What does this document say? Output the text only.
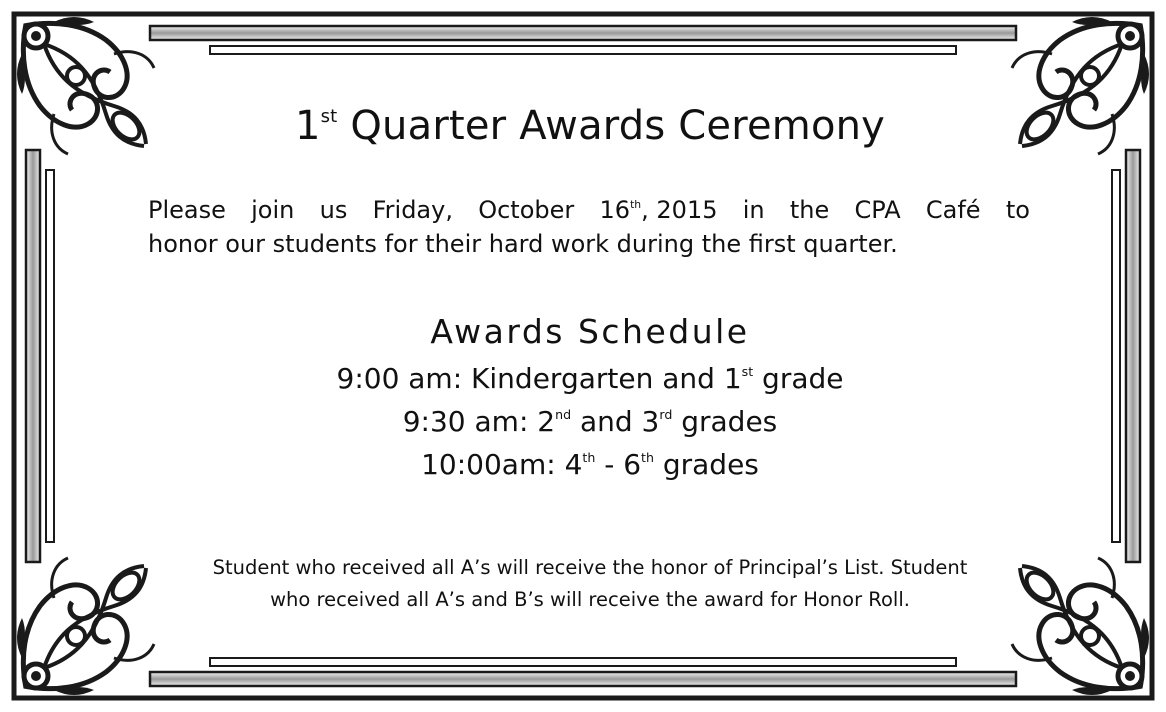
1st Quarter Awards Ceremony
Please join us Friday, October 16th, 2015 in the CPA Café to
honor our students for their hard work during the first quarter.
Awards Schedule

9:00 am: Kindergarten and 1st grade

9:30 am: 2nd and 3rd grades

10:00am: 4th - 6th grades

Student who received all A’s will receive the honor of Principal’s List. Student
who received all A’s and B’s will receive the award for Honor Roll.
